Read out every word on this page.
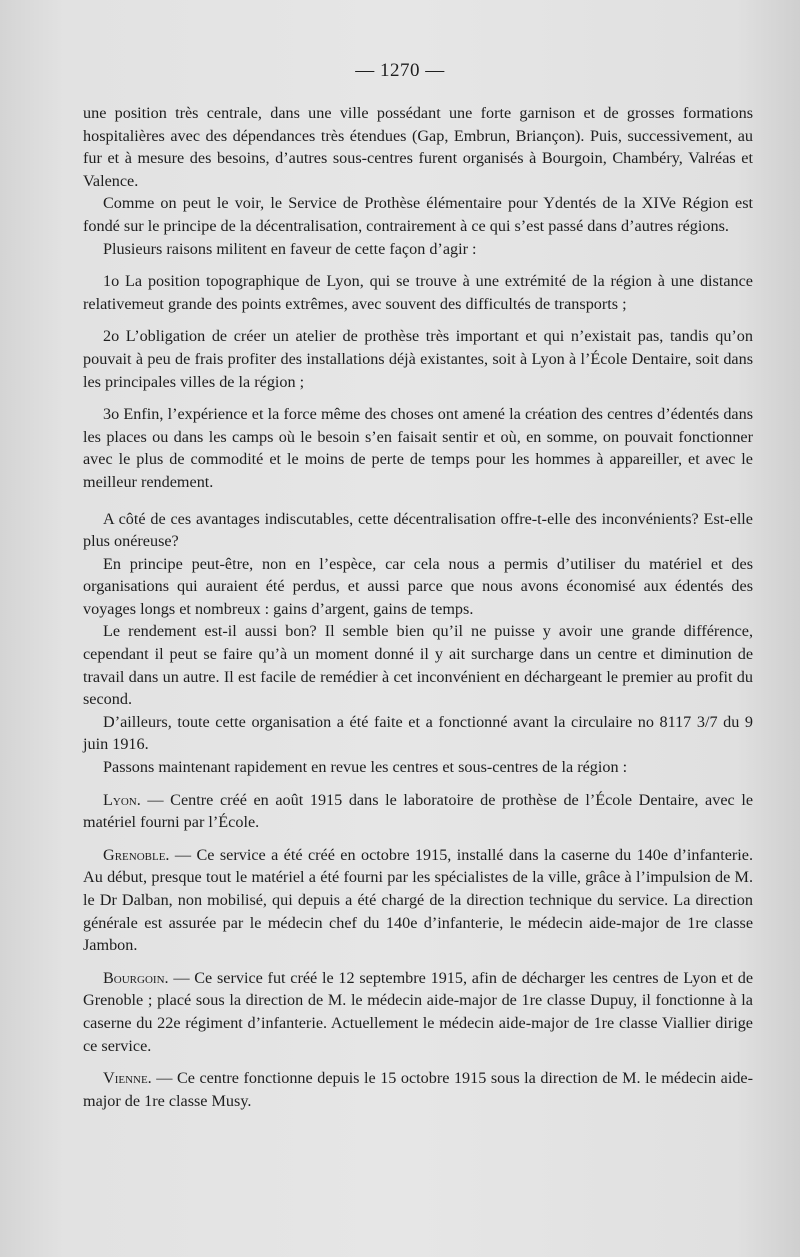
— 1270 —

une position très centrale, dans une ville possédant une forte garnison et de grosses formations hospitalières avec des dépendances très étendues (Gap, Embrun, Briançon). Puis, successivement, au fur et à mesure des besoins, d’autres sous-centres furent organisés à Bourgoin, Chambéry, Valréas et Valence.

Comme on peut le voir, le Service de Prothèse élémentaire pour Ydentés de la XIVe Région est fondé sur le principe de la décentralisation, contrairement à ce qui s’est passé dans d’autres régions.

Plusieurs raisons militent en faveur de cette façon d’agir :

1o La position topographique de Lyon, qui se trouve à une extrémité de la région à une distance relativemeut grande des points extrêmes, avec souvent des difficultés de transports ;

2o L’obligation de créer un atelier de prothèse très important et qui n’existait pas, tandis qu’on pouvait à peu de frais profiter des installations déjà existantes, soit à Lyon à l’École Dentaire, soit dans les principales villes de la région ;

3o Enfin, l’expérience et la force même des choses ont amené la création des centres d’édentés dans les places ou dans les camps où le besoin s’en faisait sentir et où, en somme, on pouvait fonctionner avec le plus de commodité et le moins de perte de temps pour les hommes à appareiller, et avec le meilleur rendement.

A côté de ces avantages indiscutables, cette décentralisation offre-t-elle des inconvénients? Est-elle plus onéreuse?

En principe peut-être, non en l’espèce, car cela nous a permis d’utiliser du matériel et des organisations qui auraient été perdus, et aussi parce que nous avons économisé aux édentés des voyages longs et nombreux : gains d’argent, gains de temps.

Le rendement est-il aussi bon? Il semble bien qu’il ne puisse y avoir une grande différence, cependant il peut se faire qu’à un moment donné il y ait surcharge dans un centre et diminution de travail dans un autre. Il est facile de remédier à cet inconvénient en déchargeant le premier au profit du second.

D’ailleurs, toute cette organisation a été faite et a fonctionné avant la circulaire no 8117 3/7 du 9 juin 1916.

Passons maintenant rapidement en revue les centres et sous-centres de la région :

Lyon. — Centre créé en août 1915 dans le laboratoire de prothèse de l’École Dentaire, avec le matériel fourni par l’École.

Grenoble. — Ce service a été créé en octobre 1915, installé dans la caserne du 140e d’infanterie. Au début, presque tout le matériel a été fourni par les spécialistes de la ville, grâce à l’impulsion de M. le Dr Dalban, non mobilisé, qui depuis a été chargé de la direction technique du service. La direction générale est assurée par le médecin chef du 140e d’infanterie, le médecin aide-major de 1re classe Jambon.

Bourgoin. — Ce service fut créé le 12 septembre 1915, afin de décharger les centres de Lyon et de Grenoble ; placé sous la direction de M. le médecin aide-major de 1re classe Dupuy, il fonctionne à la caserne du 22e régiment d’infanterie. Actuellement le médecin aide-major de 1re classe Viallier dirige ce service.

Vienne. — Ce centre fonctionne depuis le 15 octobre 1915 sous la direction de M. le médecin aide-major de 1re classe Musy.
